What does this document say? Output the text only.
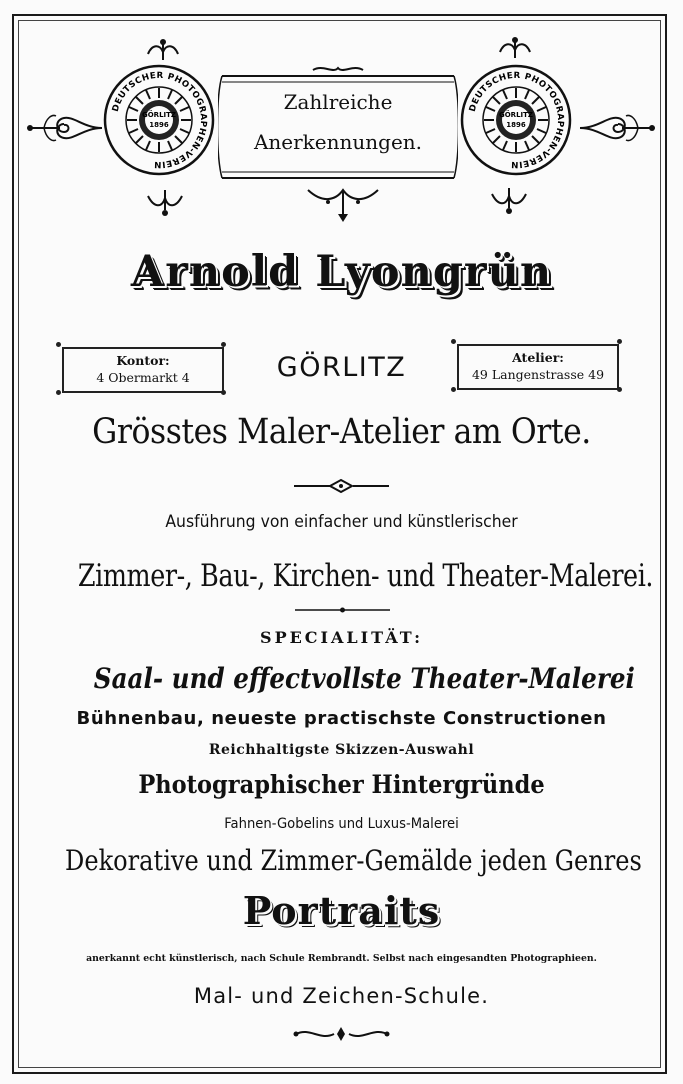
GÖRLITZ
1896
DEUTSCHER PHOTOGRAPHEN-VEREIN
GÖRLITZ
1896
DEUTSCHER PHOTOGRAPHEN-VEREIN
Zahlreiche
Anerkennungen.
Arnold Lyongrün
Kontor:
4 Obermarkt 4	GÖRLITZ	Atelier:
49 Langenstrasse 49
Grösstes Maler-Atelier am Orte.
Ausführung von einfacher und künstlerischer
Zimmer-, Bau-, Kirchen- und Theater-Malerei.
SPECIALITÄT:
Saal- und effectvollste Theater-Malerei
Bühnenbau, neueste practischste Constructionen
Reichhaltigste Skizzen-Auswahl
Photographischer Hintergründe
Fahnen-Gobelins und Luxus-Malerei
Dekorative und Zimmer-Gemälde jeden Genres
Portraits
anerkannt echt künstlerisch, nach Schule Rembrandt. Selbst nach eingesandten Photographieen.
Mal- und Zeichen-Schule.
